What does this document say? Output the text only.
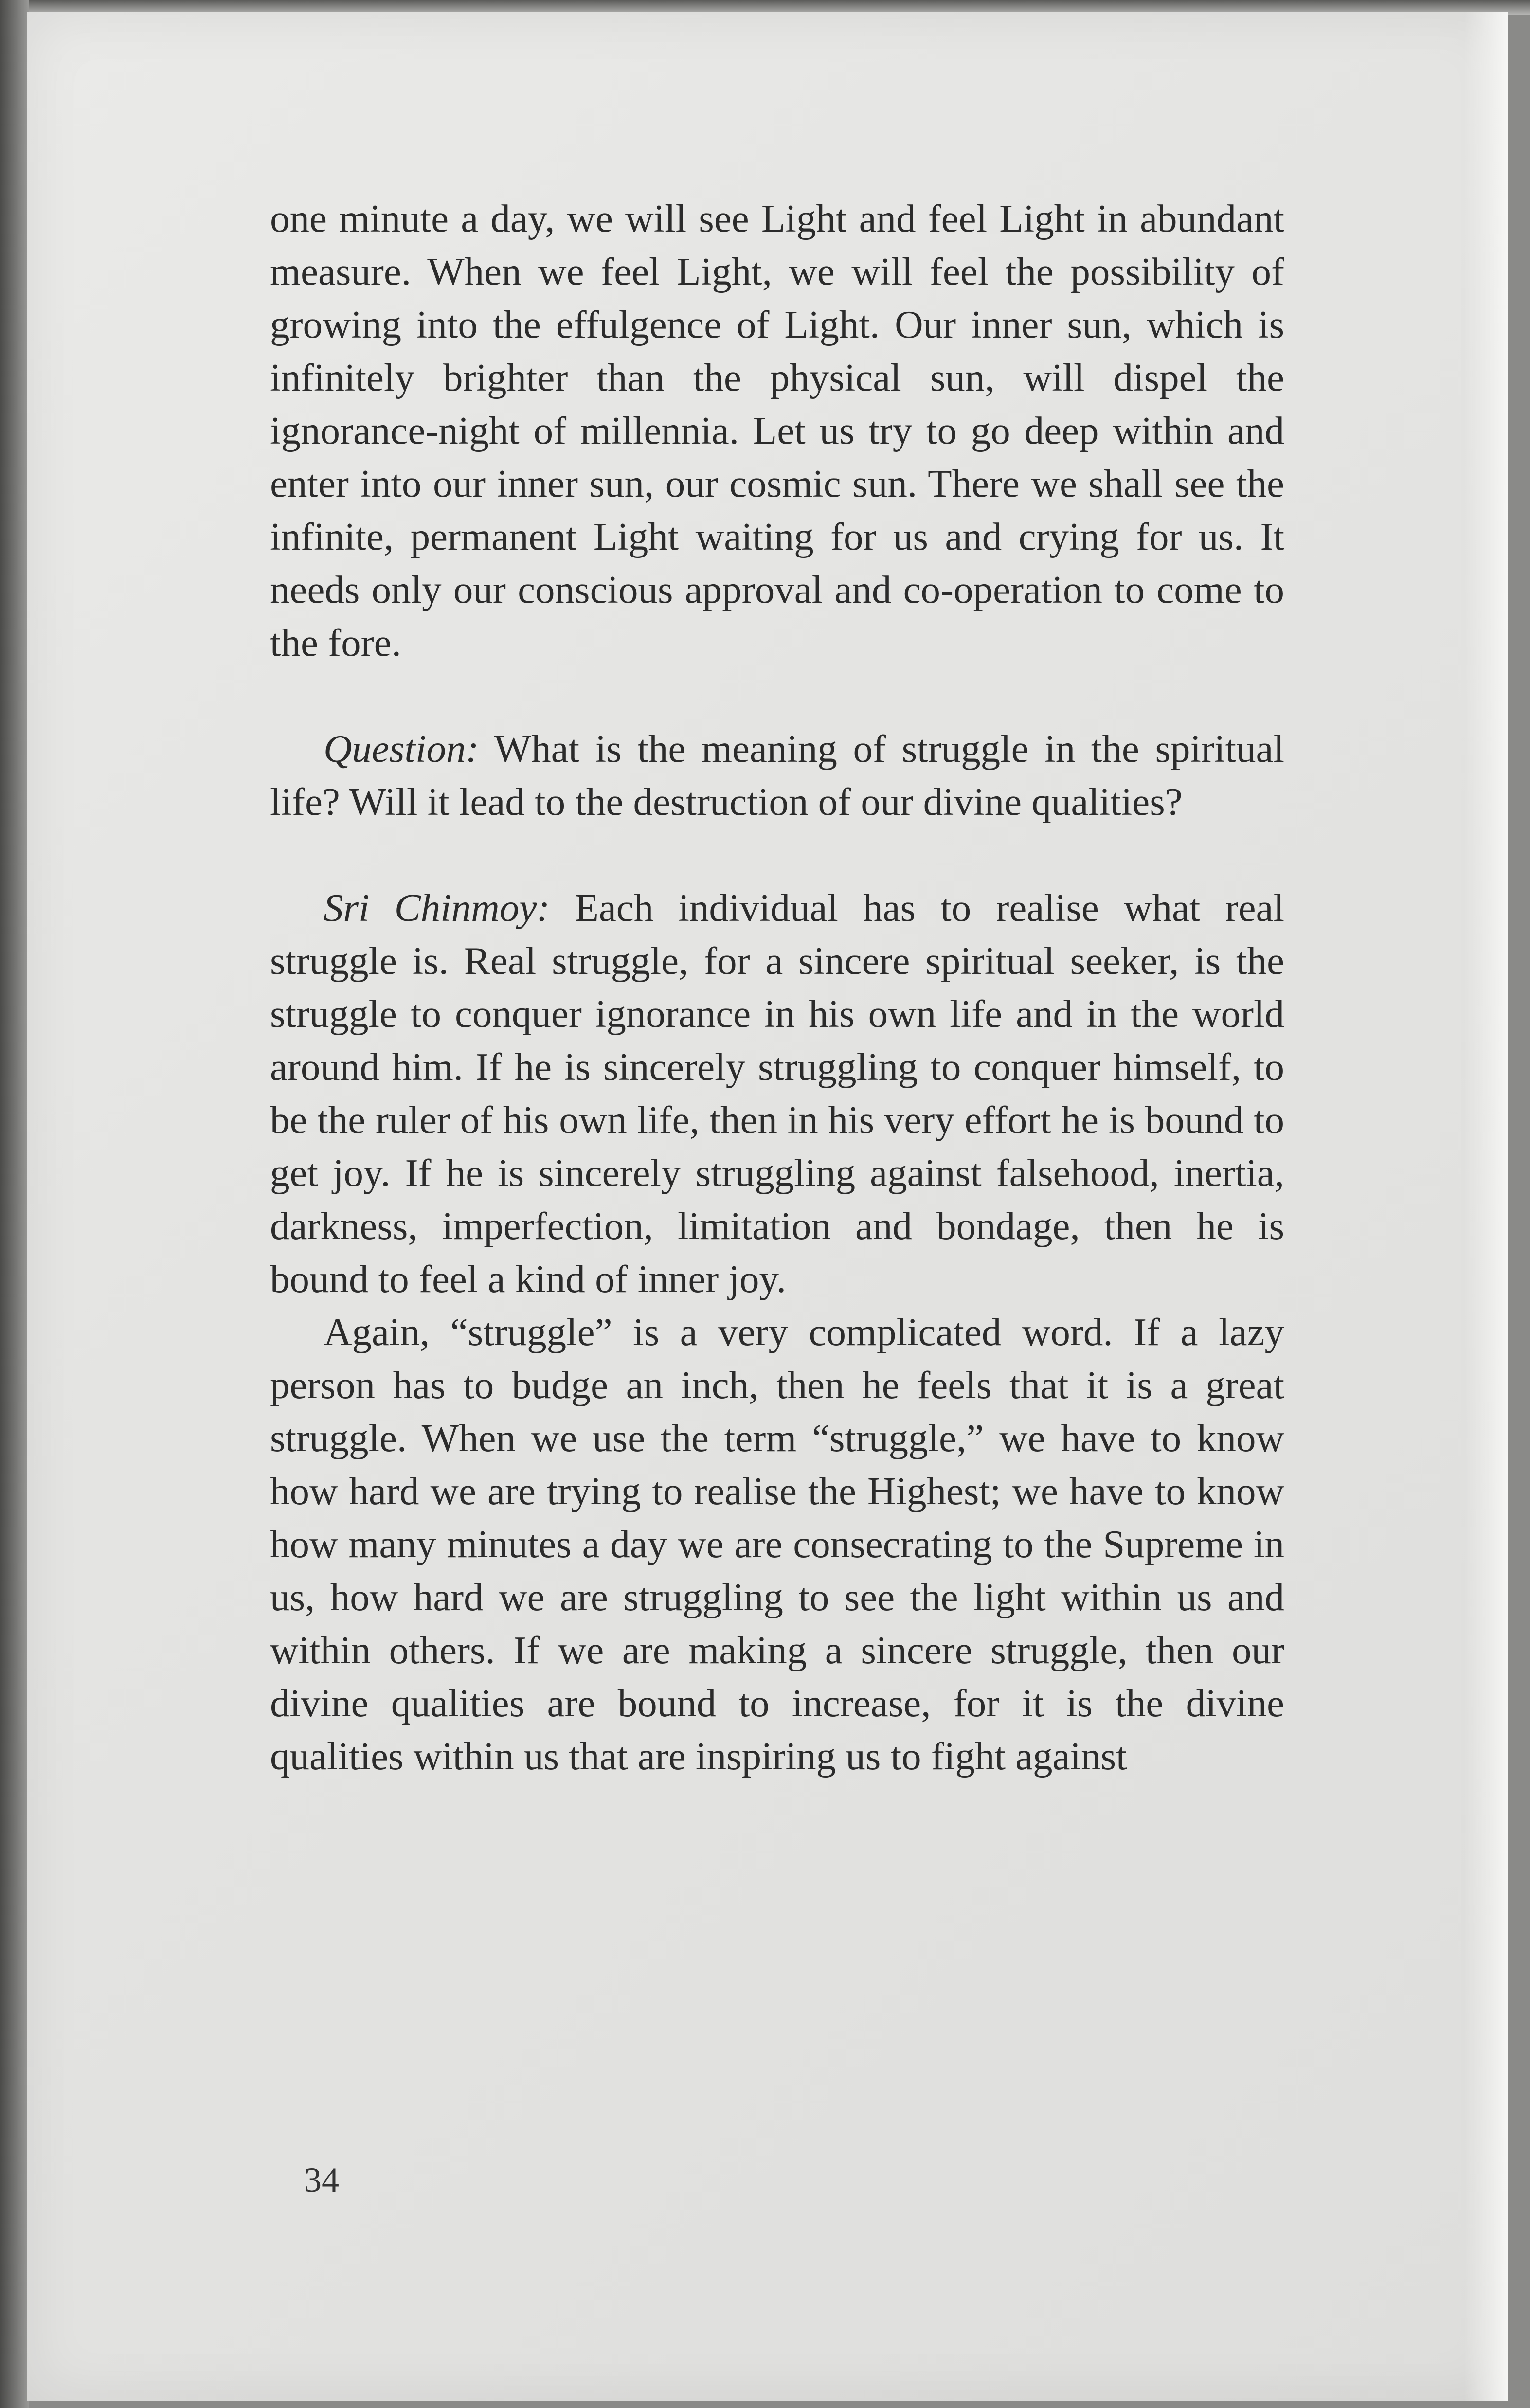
one minute a day, we will see Light and feel Light in abundant measure. When we feel Light, we will feel the possibility of growing into the effulgence of Light. Our inner sun, which is infinitely brighter than the physical sun, will dispel the ignorance-night of millennia. Let us try to go deep within and enter into our inner sun, our cosmic sun. There we shall see the infinite, permanent Light waiting for us and crying for us. It needs only our conscious approval and co-operation to come to the fore.

Question: What is the meaning of struggle in the spiritual life? Will it lead to the destruction of our divine qualities?

Sri Chinmoy: Each individual has to realise what real struggle is. Real struggle, for a sincere spiritual seeker, is the struggle to conquer ignorance in his own life and in the world around him. If he is sincerely struggling to conquer himself, to be the ruler of his own life, then in his very effort he is bound to get joy. If he is sincerely struggling against falsehood, inertia, darkness, imperfection, limitation and bondage, then he is bound to feel a kind of inner joy.

Again, “struggle” is a very complicated word. If a lazy person has to budge an inch, then he feels that it is a great struggle. When we use the term “struggle,” we have to know how hard we are trying to realise the Highest; we have to know how many minutes a day we are consecrating to the Supreme in us, how hard we are struggling to see the light within us and within others. If we are making a sincere struggle, then our divine qualities are bound to increase, for it is the divine qualities within us that are inspiring us to fight against

34
